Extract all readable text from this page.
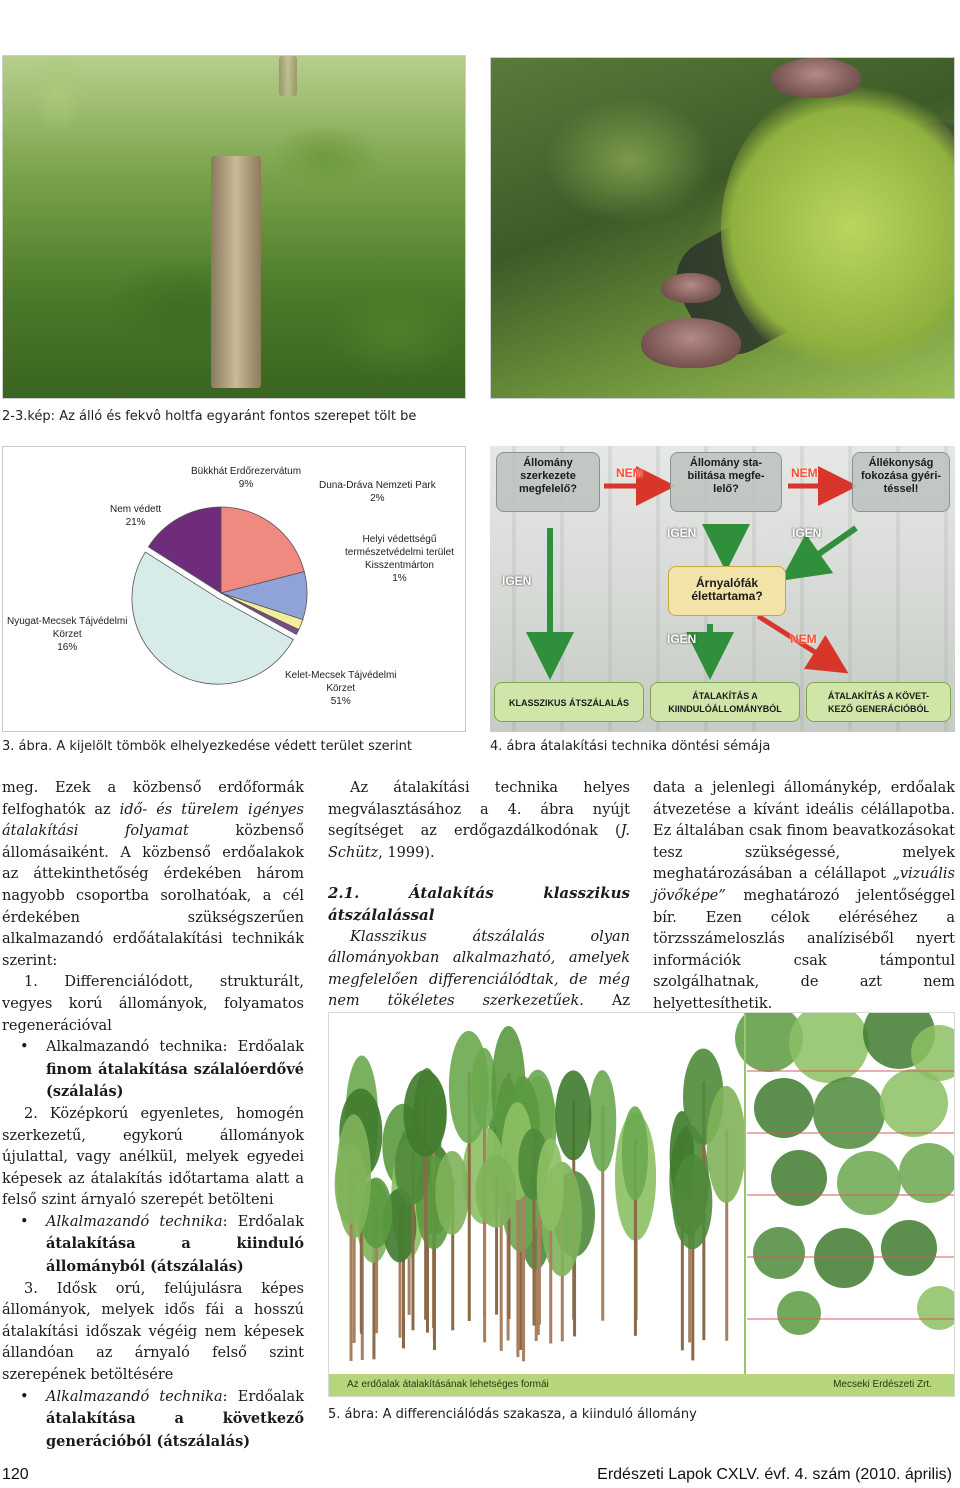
2-3.kép: Az álló és fekvô holtfa egyaránt fontos szerepet tölt be
Nem védett
21%
Bükkhát Erdőrezervátum
9%	Duna-Dráva Nemzeti Park
2%
Helyi védettségű
természetvédelmi terület
Kisszentmárton
1%
Nyugat-Mecsek Tájvédelmi
Körzet
16%
Kelet-Mecsek Tájvédelmi
Körzet
51%
Állomány
szerkezete
megfelelő?
Állomány sta-
bilitása megfe-
lelő?
Állékonyság
fokozása gyéri-
téssel!
Árnyalófák
élettartama?
KLASSZIKUS ÁTSZÁLALÁS
ÁTALAKÍTÁS A
KIINDULÓÁLLOMÁNYBÓL
ÁTALAKÍTÁS A KÖVET-
KEZŐ GENERÁCIÓBÓL
NEM	NEM
IGEN
IGEN	IGEN
IGEN	NEM
3. ábra. A kijelölt tömbök elhelyezkedése védett terület szerint	4. ábra átalakítási technika döntési sémája

meg. Ezek a közbenső erdőformák felfoghatók az idő- és türelem igényes átalakítási folyamat közbenső állomásaiként. A közbenső erdőalakok az áttekinthetőség érdekében három nagyobb csoportba sorolhatóak, a cél érdekében szükségszerűen alkalmazandó erdőátalakítási technikák szerint:

1. Differenciálódott, strukturált, vegyes korú állományok, folyamatos regenerációval

• Alkalmazandó technika: Erdőalak finom átalakítása szálalóerdővé (szálalás)

2. Középkorú egyenletes, homogén szerkezetű, egykorú állományok újulattal, vagy anélkül, melyek egyedei képesek az átalakítás időtartama alatt a felső szint árnyaló szerepét betölteni

• Alkalmazandó technika: Erdőalak átalakítása a kiinduló állományból (átszálalás)

3. Idősk orú, felújulásra képes állományok, melyek idős fái a hosszú átalakítási időszak végéig nem képesek állandóan az árnyaló felső szint szerepének betöltésére

• Alkalmazandó technika: Erdőalak átalakítása a következő generációból (átszálalás)

Az átalakítási technika helyes megválasztásához a 4. ábra nyújt segítséget az erdőgazdálkodónak (J. Schütz, 1999).

2.1. Átalakítás klasszikus átszálalással

Klasszikus átszálalás olyan állományokban alkalmazható, amelyek megfelelően differenciálódtak, de még nem tökéletes szerkezetűek. Az

data a jelenlegi állománykép, erdőalak átvezetése a kívánt ideális célállapotba. Ez általában csak finom beavatkozásokat tesz szükségessé, melyek meghatározásában a célállapot „vizuális jövőképe” meghatározó jelentőséggel bír. Ezen célok eléréséhez a törzsszámeloszlás analíziséből nyert információk csak támpontul szolgálhatnak, de azt nem helyettesíthetik.

Az erdőalak átalakításának lehetséges formái	Mecseki Erdészeti Zrt.
5. ábra: A differenciálódás szakasza, a kiinduló állomány
120	Erdészeti Lapok CXLV. évf. 4. szám (2010. április)
